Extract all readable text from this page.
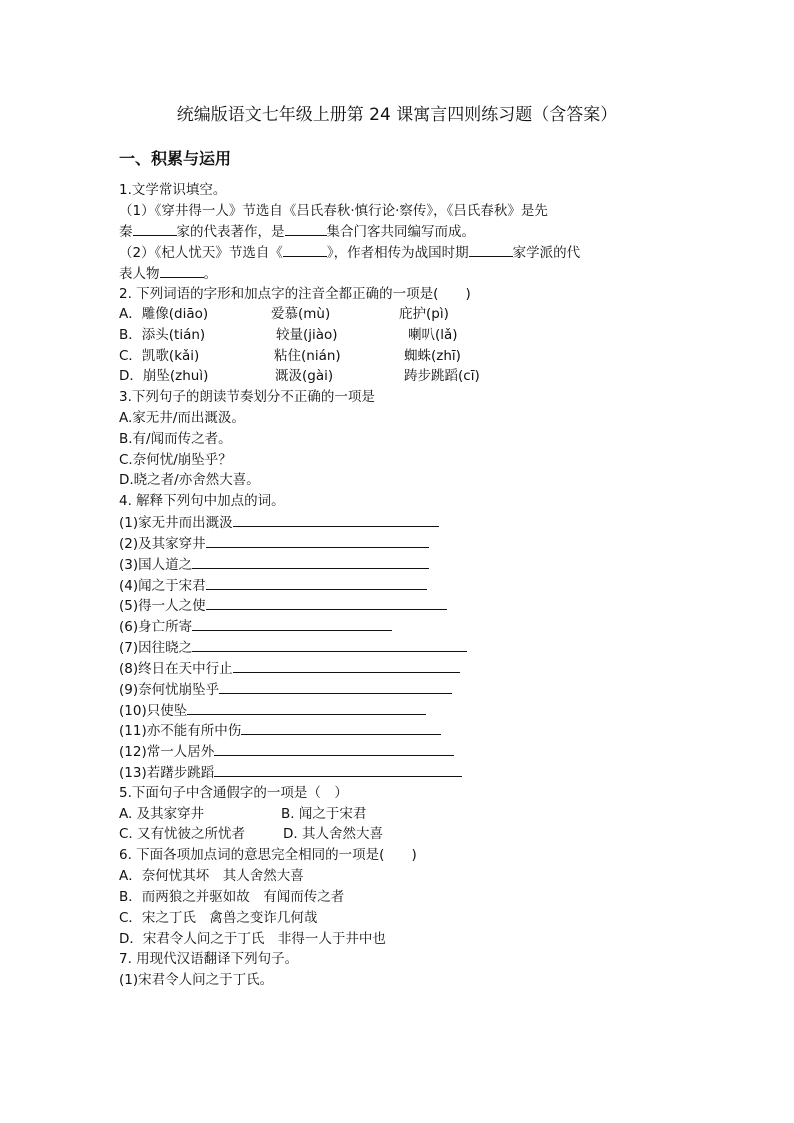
统编版语文七年级上册第 24 课寓言四则练习题（含答案）
一、积累与运用
1.文学常识填空。
（1）《穿井得一人》节选自《吕氏春秋·慎行论·察传》，《吕氏春秋》是先
秦	家的代表著作，是	集合门客共同编写而成。
（2）《杞人忧天》节选自《	》，作者相传为战国时期	家学派的代
表人物	。
2. 下列词语的字形和加点字的注音全都正确的一项是(　　)
A．雕像(diāo)	爱慕(mù)	庇护(pì)
B．添头(tián)	较量(jiào)	喇叭(lǎ)
C．凯歌(kǎi)	粘住(nián)	蜘蛛(zhī)
D．崩坠(zhuì)	溉汲(gài)	踌步跳蹈(cī)
3.下列句子的朗读节奏划分不正确的一项是
A.家无井/而出溉汲。
B.有/闻而传之者。
C.奈何忧/崩坠乎？
D.晓之者/亦舍然大喜。
4. 解释下列句中加点的词。
(1)家无井而出溉汲
(2)及其家穿井
(3)国人道之
(4)闻之于宋君
(5)得一人之使
(6)身亡所寄
(7)因往晓之
(8)终日在天中行止
(9)奈何忧崩坠乎
(10)只使坠
(11)亦不能有所中伤
(12)常一人居外
(13)若躇步跳蹈
5.下面句子中含通假字的一项是（　）
A. 及其家穿井	B. 闻之于宋君
C. 又有忧彼之所忧者	D. 其人舍然大喜
6. 下面各项加点词的意思完全相同的一项是(　　)
A．奈何忧其坏　其人舍然大喜
B．而两狼之并驱如故　有闻而传之者
C．宋之丁氏　禽兽之变诈几何哉
D．宋君令人问之于丁氏　非得一人于井中也
7. 用现代汉语翻译下列句子。
(1)宋君令人问之于丁氏。
